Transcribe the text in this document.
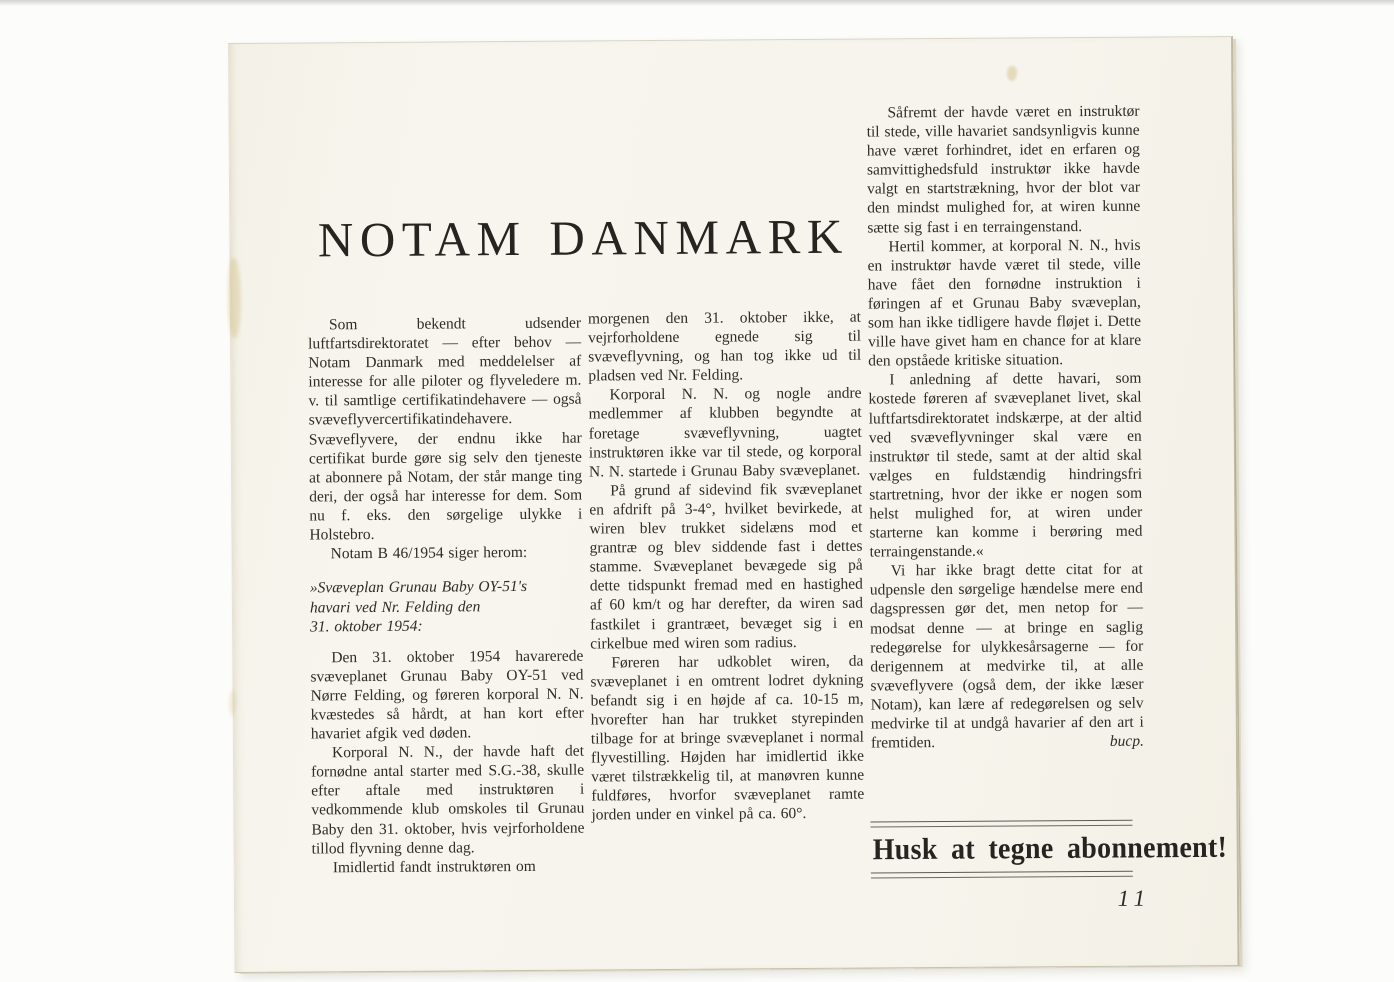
NOTAM DANMARK

Som bekendt udsender luftfartsdirektoratet — efter behov — Notam Danmark med meddelelser af interesse for alle piloter og flyveledere m. v. til samtlige certifikatindehavere — også svæveflyvercertifikatindehavere. Svæveflyvere, der endnu ikke har certifikat burde gøre sig selv den tjeneste at abonnere på Notam, der står mange ting deri, der også har interesse for dem. Som nu f. eks. den sørgelige ulykke i Holstebro.

Notam B 46/1954 siger herom:

»Svæveplan Grunau Baby OY-51's
havari ved Nr. Felding den
31. oktober 1954:

Den 31. oktober 1954 havarerede svæveplanet Grunau Baby OY-51 ved Nørre Felding, og føreren korporal N. N. kvæstedes så hårdt, at han kort efter havariet afgik ved døden.

Korporal N. N., der havde haft det fornødne antal starter med S.G.-38, skulle efter aftale med instruktøren i vedkommende klub omskoles til Grunau Baby den 31. oktober, hvis vejrforholdene tillod flyvning denne dag.

Imidlertid fandt instruktøren om

morgenen den 31. oktober ikke, at vejrforholdene egnede sig til svæveflyvning, og han tog ikke ud til pladsen ved Nr. Felding.

Korporal N. N. og nogle andre medlemmer af klubben begyndte at foretage svæveflyvning, uagtet instruktøren ikke var til stede, og korporal N. N. startede i Grunau Baby svæveplanet.

På grund af sidevind fik svæveplanet en afdrift på 3-4°, hvilket bevirkede, at wiren blev trukket sidelæns mod et grantræ og blev siddende fast i dettes stamme. Svæveplanet bevægede sig på dette tidspunkt fremad med en hastighed af 60 km/t og har derefter, da wiren sad fastkilet i grantræet, bevæget sig i en cirkelbue med wiren som radius.

Føreren har udkoblet wiren, da svæveplanet i en omtrent lodret dykning befandt sig i en højde af ca. 10-15 m, hvorefter han har trukket styrepinden tilbage for at bringe svæveplanet i normal flyvestilling. Højden har imidlertid ikke været tilstrækkelig til, at manøvren kunne fuldføres, hvorfor svæveplanet ramte jorden under en vinkel på ca. 60°.

Såfremt der havde været en instruktør til stede, ville havariet sandsynligvis kunne have været forhindret, idet en erfaren og samvittighedsfuld instruktør ikke havde valgt en startstrækning, hvor der blot var den mindst mulighed for, at wiren kunne sætte sig fast i en terraingenstand.

Hertil kommer, at korporal N. N., hvis en instruktør havde været til stede, ville have fået den fornødne instruktion i føringen af et Grunau Baby svæveplan, som han ikke tidligere havde fløjet i. Dette ville have givet ham en chance for at klare den opståede kritiske situation.

I anledning af dette havari, som kostede føreren af svæveplanet livet, skal luftfartsdirektoratet indskærpe, at der altid ved svæveflyvninger skal være en instruktør til stede, samt at der altid skal vælges en fuldstændig hindringsfri startretning, hvor der ikke er nogen som helst mulighed for, at wiren under starterne kan komme i berøring med terraingenstande.«

Vi har ikke bragt dette citat for at udpensle den sørgelige hændelse mere end dagspressen gør det, men netop for — modsat denne — at bringe en saglig redegørelse for ulykkesårsagerne — for derigennem at medvirke til, at alle svæveflyvere (også dem, der ikke læser Notam), kan lære af redegørelsen og selv medvirke til at undgå havarier af den art i fremtiden.	bucp.

Husk at tegne abonnement!
11
